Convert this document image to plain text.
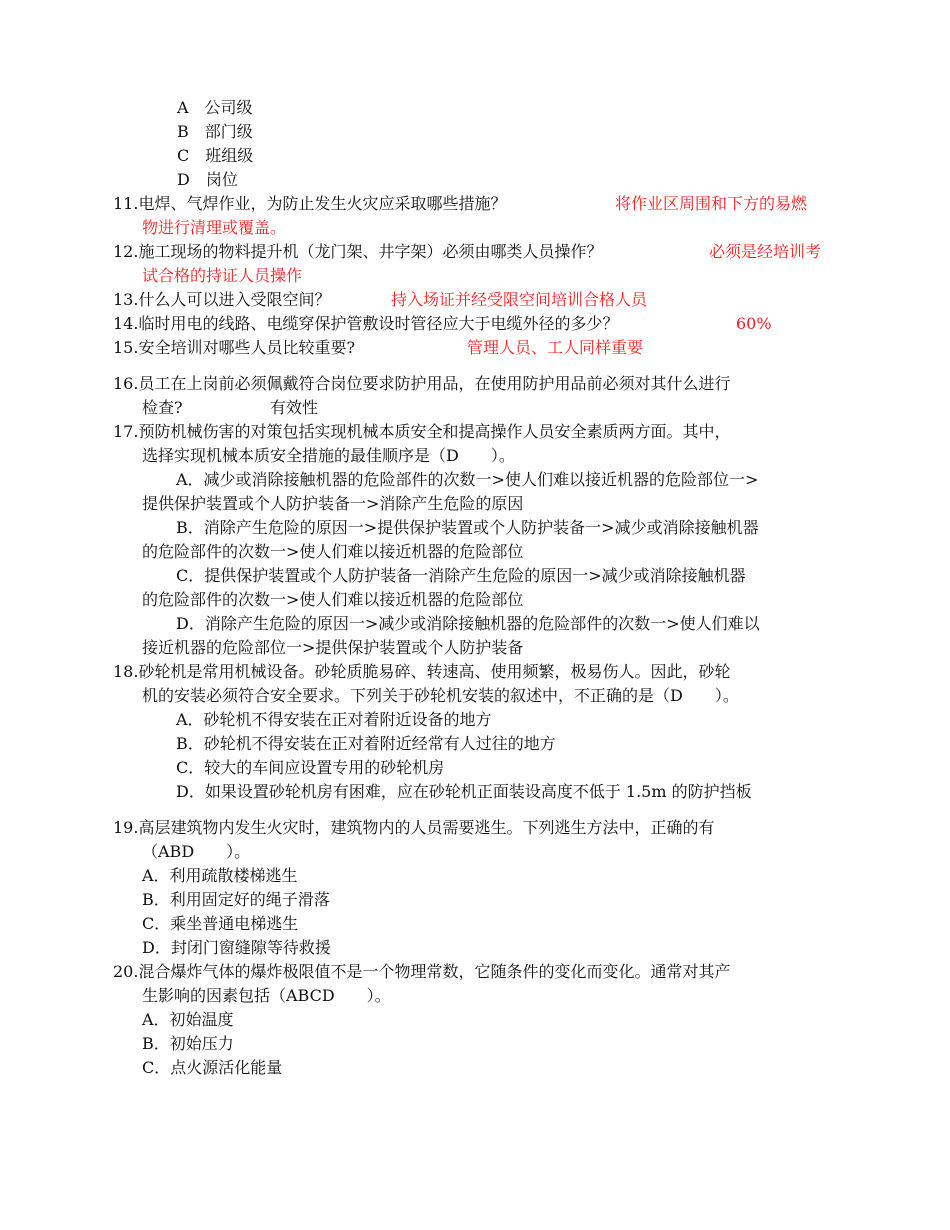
A　公司级
B　部门级
C　班组级
D　岗位
11.电焊、气焊作业，为防止发生火灾应采取哪些措施？	将作业区周围和下方的易燃
物进行清理或覆盖。
12.施工现场的物料提升机（龙门架、井字架）必须由哪类人员操作？	必须是经培训考
试合格的持证人员操作
13.什么人可以进入受限空间？	持入场证并经受限空间培训合格人员
14.临时用电的线路、电缆穿保护管敷设时管径应大于电缆外径的多少？	60%
15.安全培训对哪些人员比较重要?	管理人员、工人同样重要
16.员工在上岗前必须佩戴符合岗位要求防护用品，在使用防护用品前必须对其什么进行
检查?	有效性
17.预防机械伤害的对策包括实现机械本质安全和提高操作人员安全素质两方面。其中，
选择实现机械本质安全措施的最佳顺序是（D　　）。
A．减少或消除接触机器的危险部件的次数一>使人们难以接近机器的危险部位一>
提供保护装置或个人防护装备一>消除产生危险的原因
B．消除产生危险的原因一>提供保护装置或个人防护装备一>减少或消除接触机器
的危险部件的次数一>使人们难以接近机器的危险部位
C．提供保护装置或个人防护装备一消除产生危险的原因一>减少或消除接触机器
的危险部件的次数一>使人们难以接近机器的危险部位
D．消除产生危险的原因一>减少或消除接触机器的危险部件的次数一>使人们难以
接近机器的危险部位一>提供保护装置或个人防护装备
18.砂轮机是常用机械设备。砂轮质脆易碎、转速高、使用频繁，极易伤人。因此，砂轮
机的安装必须符合安全要求。下列关于砂轮机安装的叙述中，不正确的是（D　　）。
A．砂轮机不得安装在正对着附近设备的地方
B．砂轮机不得安装在正对着附近经常有人过往的地方
C．较大的车间应设置专用的砂轮机房
D．如果设置砂轮机房有困难，应在砂轮机正面装设高度不低于 1.5m 的防护挡板
19.高层建筑物内发生火灾时，建筑物内的人员需要逃生。下列逃生方法中，正确的有
（ABD　　）。
A．利用疏散楼梯逃生
B．利用固定好的绳子滑落
C．乘坐普通电梯逃生
D．封闭门窗缝隙等待救援
20.混合爆炸气体的爆炸极限值不是一个物理常数，它随条件的变化而变化。通常对其产
生影响的因素包括（ABCD　　）。
A．初始温度
B．初始压力
C．点火源活化能量
